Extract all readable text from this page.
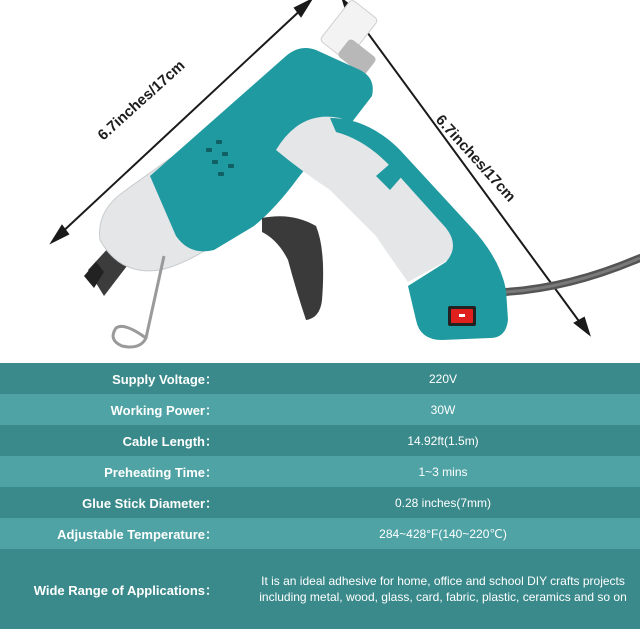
6.7inches/17cm
6.7inches/17cm
Supply Voltage：	220V
Working Power：	30W
Cable Length：	14.92ft(1.5m)
Preheating Time：	1~3 mins
Glue Stick Diameter：	0.28 inches(7mm)
Adjustable Temperature：	284~428°F(140~220℃)
Wide Range of Applications：
It is an ideal adhesive for home, office and school DIY crafts projects including metal, wood, glass, card, fabric, plastic, ceramics and so on
